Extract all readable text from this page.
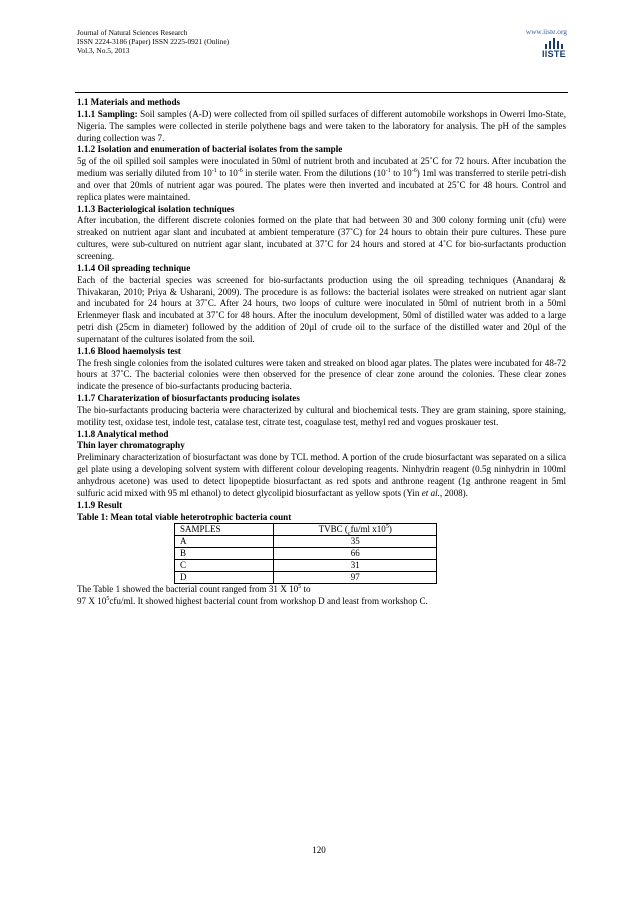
Journal of Natural Sciences Research
ISSN 2224-3186 (Paper) ISSN 2225-0921 (Online)
Vol.3, No.5, 2013
www.iiste.org
IISTE

1.1 Materials and methods

1.1.1 Sampling: Soil samples (A-D) were collected from oil spilled surfaces of different automobile workshops in Owerri Imo-State, Nigeria. The samples were collected in sterile polythene bags and were taken to the laboratory for analysis. The pH of the samples during collection was 7.

1.1.2 Isolation and enumeration of bacterial isolates from the sample

5g of the oil spilled soil samples were inoculated in 50ml of nutrient broth and incubated at 25˚C for 72 hours. After incubation the medium was serially diluted from $10^{-1}$ to $10^{-6}$ in sterile water. From the dilutions ($10^{-1}$ to $10^{-6}$) 1ml was transferred to sterile petri-dish and over that 20mls of nutrient agar was poured. The plates were then inverted and incubated at 25˚C for 48 hours. Control and replica plates were maintained.

1.1.3 Bacteriological isolation techniques

After incubation, the different discrete colonies formed on the plate that had between 30 and 300 colony forming unit (cfu) were streaked on nutrient agar slant and incubated at ambient temperature (37˚C) for 24 hours to obtain their pure cultures. These pure cultures, were sub-cultured on nutrient agar slant, incubated at 37˚C for 24 hours and stored at 4˚C for bio-surfactants production screening.

1.1.4 Oil spreading technique

Each of the bacterial species was screened for bio-surfactants production using the oil spreading techniques (Anandaraj & Thivakaran, 2010; Priya & Usharani, 2009). The procedure is as follows: the bacterial isolates were streaked on nutrient agar slant and incubated for 24 hours at 37˚C. After 24 hours, two loops of culture were inoculated in 50ml of nutrient broth in a 50ml Erlenmeyer flask and incubated at 37˚C for 48 hours. After the inoculum development, 50ml of distilled water was added to a large petri dish (25cm in diameter) followed by the addition of 20µl of crude oil to the surface of the distilled water and 20µl of the supernatant of the cultures isolated from the soil.

1.1.6 Blood haemolysis test

The fresh single colonies from the isolated cultures were taken and streaked on blood agar plates. The plates were incubated for 48-72 hours at 37˚C. The bacterial colonies were then observed for the presence of clear zone around the colonies. These clear zones indicate the presence of bio-surfactants producing bacteria.

1.1.7 Charaterization of biosurfactants producing isolates

The bio-surfactants producing bacteria were characterized by cultural and biochemical tests. They are gram staining, spore staining, motility test, oxidase test, indole test, catalase test, citrate test, coagulase test, methyl red and vogues proskauer test.

1.1.8 Analytical method

Thin layer chromatography

Preliminary characterization of biosurfactant was done by TCL method. A portion of the crude biosurfactant was separated on a silica gel plate using a developing solvent system with different colour developing reagents. Ninhydrin reagent (0.5g ninhydrin in 100ml anhydrous acetone) was used to detect lipopeptide biosurfactant as red spots and anthrone reagent (1g anthrone reagent in 5ml sulfuric acid mixed with 95 ml ethanol) to detect glycolipid biosurfactant as yellow spots (Yin et al., 2008).

1.1.9 Result

Table 1: Mean total viable heterotrophic bacteria count

SAMPLES	TVBC ($_cfu/ml$ $x10^5$)
A	35
B	66
C	31
D	97

The Table 1 showed the bacterial count ranged from 31 X $10^5$ to

97 X $10^5cfu/ml$. It showed highest bacterial count from workshop D and least from workshop C.

120
